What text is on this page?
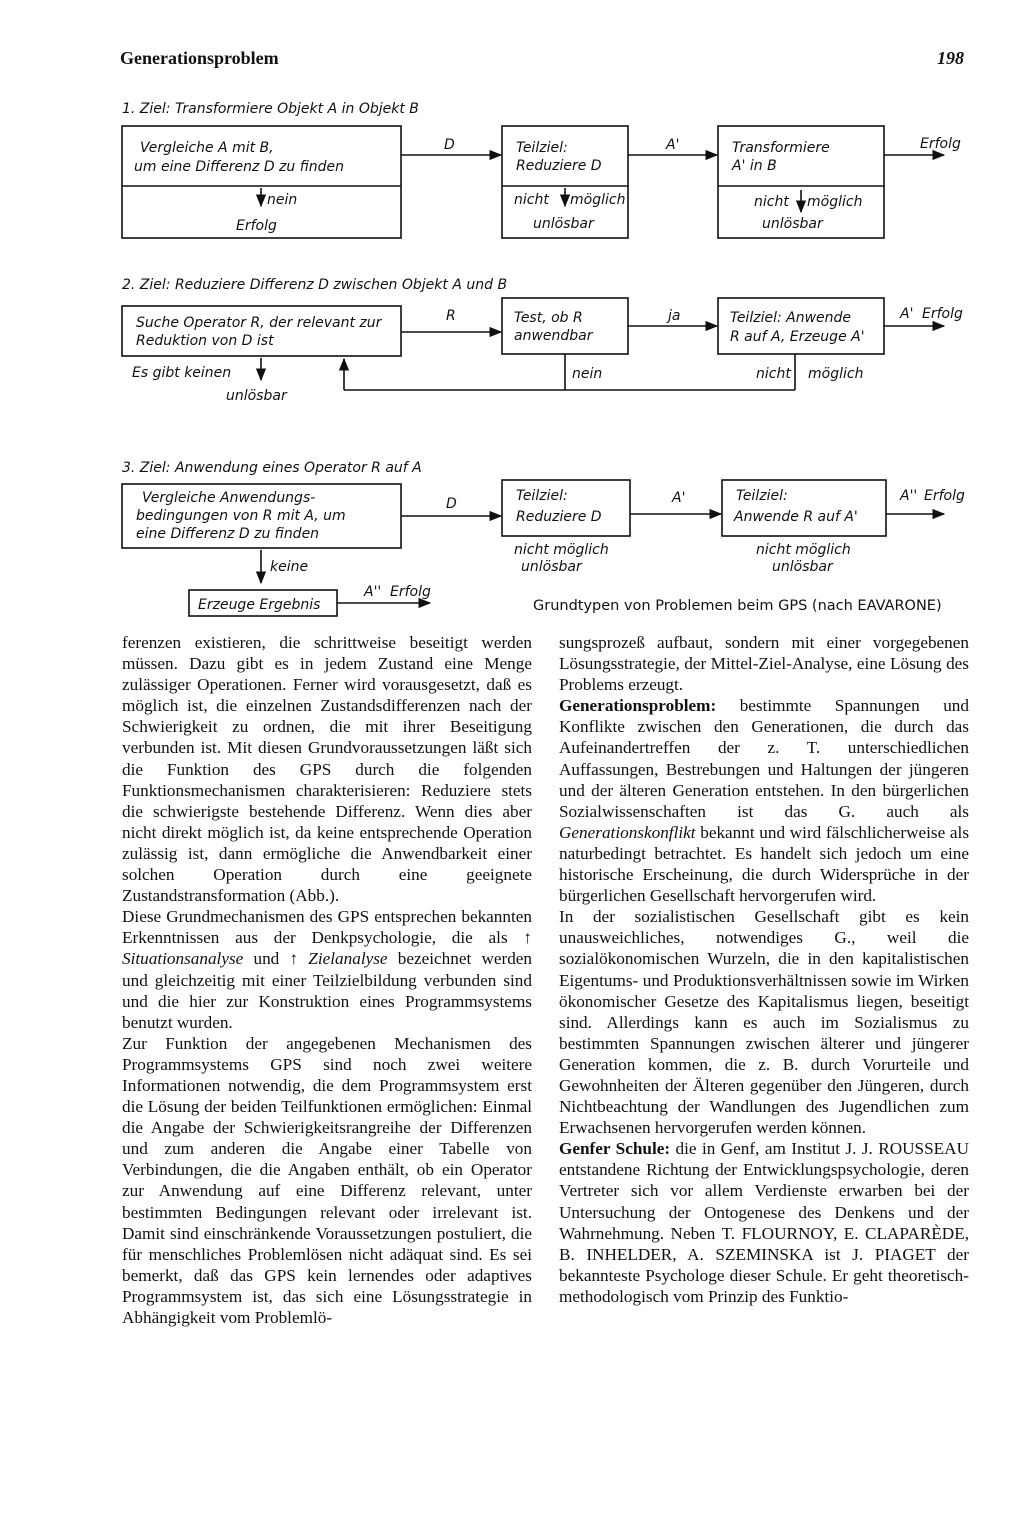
Generationsproblem	198
1. Ziel: Transformiere Objekt A in Objekt B
Vergleiche A mit B,
um eine Differenz D zu finden
nein
Erfolg
D	Teilziel:
Reduziere D
nicht möglich
unlösbar
A'	Transformiere
A' in B
nicht möglich
unlösbar
Erfolg
2. Ziel: Reduziere Differenz D zwischen Objekt A und B
Suche Operator R, der relevant zur
Reduktion von D ist
Es gibt keinen
unlösbar
R	Test, ob R
anwendbar
nein
ja	Teilziel: Anwende
R auf A, Erzeuge A'
nicht möglich
A' Erfolg
3. Ziel: Anwendung eines Operator R auf A
Vergleiche Anwendungs-
bedingungen von R mit A, um
eine Differenz D zu finden
keine
Erzeuge Ergebnis
A'' Erfolg
D	Teilziel:
Reduziere D
nicht möglich
unlösbar
A'	Teilziel:
Anwende R auf A'
nicht möglich
unlösbar
A'' Erfolg
Grundtypen von Problemen beim GPS (nach EAVARONE)

ferenzen existieren, die schrittweise beseitigt werden müssen. Dazu gibt es in jedem Zustand eine Menge zulässiger Operationen. Ferner wird vorausgesetzt, daß es möglich ist, die einzelnen Zustandsdifferenzen nach der Schwierigkeit zu ordnen, die mit ihrer Beseitigung verbunden ist. Mit diesen Grundvoraussetzungen läßt sich die Funktion des GPS durch die folgenden Funktionsmechanismen charakterisieren: Reduziere stets die schwierigste bestehende Differenz. Wenn dies aber nicht direkt möglich ist, da keine entsprechende Operation zulässig ist, dann ermögliche die Anwendbarkeit einer solchen Operation durch eine geeignete Zustandstransformation (Abb.).

Diese Grundmechanismen des GPS entsprechen bekannten Erkenntnissen aus der Denkpsychologie, die als ↑ Situationsanalyse und ↑ Zielanalyse bezeichnet werden und gleichzeitig mit einer Teilzielbildung verbunden sind und die hier zur Konstruktion eines Programmsystems benutzt wurden.

Zur Funktion der angegebenen Mechanismen des Programmsystems GPS sind noch zwei weitere Informationen notwendig, die dem Programmsystem erst die Lösung der beiden Teilfunktionen ermöglichen: Einmal die Angabe der Schwierigkeitsrangreihe der Differenzen und zum anderen die Angabe einer Tabelle von Verbindungen, die die Angaben enthält, ob ein Operator zur Anwendung auf eine Differenz relevant, unter bestimmten Bedingungen relevant oder irrelevant ist. Damit sind einschränkende Voraussetzungen postuliert, die für menschliches Problemlösen nicht adäquat sind. Es sei bemerkt, daß das GPS kein lernendes oder adaptives Programmsystem ist, das sich eine Lösungsstrategie in Abhängigkeit vom Problemlö-

sungsprozeß aufbaut, sondern mit einer vorgegebenen Lösungsstrategie, der Mittel-Ziel-Analyse, eine Lösung des Problems erzeugt.

Generationsproblem: bestimmte Spannungen und Konflikte zwischen den Generationen, die durch das Aufeinandertreffen der z. T. unterschiedlichen Auffassungen, Bestrebungen und Haltungen der jüngeren und der älteren Generation entstehen. In den bürgerlichen Sozialwissenschaften ist das G. auch als Generationskonflikt bekannt und wird fälschlicherweise als naturbedingt betrachtet. Es handelt sich jedoch um eine historische Erscheinung, die durch Widersprüche in der bürgerlichen Gesellschaft hervorgerufen wird.

In der sozialistischen Gesellschaft gibt es kein unausweichliches, notwendiges G., weil die sozialökonomischen Wurzeln, die in den kapitalistischen Eigentums- und Produktionsverhältnissen sowie im Wirken ökonomischer Gesetze des Kapitalismus liegen, beseitigt sind. Allerdings kann es auch im Sozialismus zu bestimmten Spannungen zwischen älterer und jüngerer Generation kommen, die z. B. durch Vorurteile und Gewohnheiten der Älteren gegenüber den Jüngeren, durch Nichtbeachtung der Wandlungen des Jugendlichen zum Erwachsenen hervorgerufen werden können.

Genfer Schule: die in Genf, am Institut J. J. ROUSSEAU entstandene Richtung der Entwicklungspsychologie, deren Vertreter sich vor allem Verdienste erwarben bei der Untersuchung der Ontogenese des Denkens und der Wahrnehmung. Neben T. FLOURNOY, E. CLAPARÈDE, B. INHELDER, A. SZEMINSKA ist J. PIAGET der bekannteste Psychologe dieser Schule. Er geht theoretisch-methodologisch vom Prinzip des Funktio-
